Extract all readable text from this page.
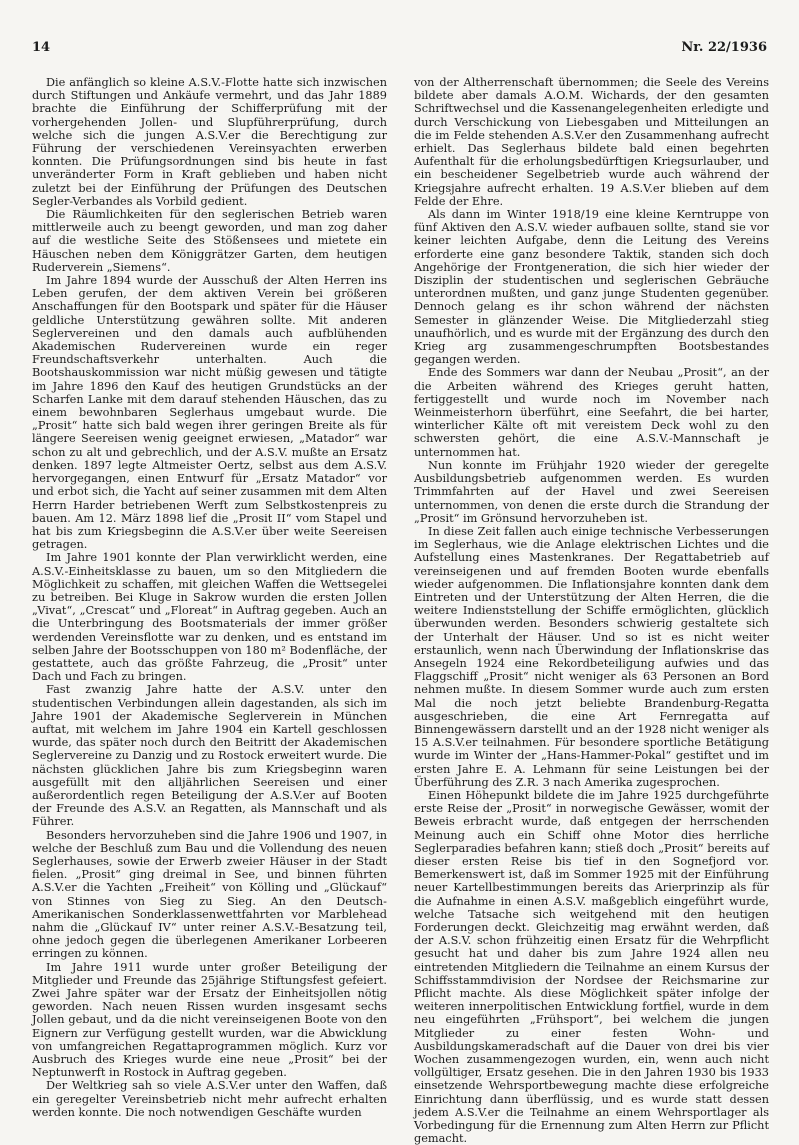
14	Nr. 22/1936

Die anfänglich so kleine A.S.V.-Flotte hatte sich inzwischen durch Stiftungen und Ankäufe vermehrt, und das Jahr 1889 brachte die Einführung der Schifferprüfung mit der vorhergehenden Jollen- und Slupführerprüfung, durch welche sich die jungen A.S.V.er die Berechtigung zur Führung der verschiedenen Vereinsyachten erwerben konnten. Die Prüfungsordnungen sind bis heute in fast unveränderter Form in Kraft geblieben und haben nicht zuletzt bei der Einführung der Prüfungen des Deutschen Segler-Verbandes als Vorbild gedient.

Die Räumlichkeiten für den seglerischen Betrieb waren mittlerweile auch zu beengt geworden, und man zog daher auf die westliche Seite des Stößensees und mietete ein Häuschen neben dem Königgrätzer Garten, dem heutigen Ruderverein „Siemens“.

Im Jahre 1894 wurde der Ausschuß der Alten Herren ins Leben gerufen, der dem aktiven Verein bei größeren Anschaffungen für den Bootspark und später für die Häuser geldliche Unterstützung gewähren sollte. Mit anderen Seglervereinen und den damals auch aufblühenden Akademischen Rudervereinen wurde ein reger Freundschaftsverkehr unterhalten. Auch die Bootshauskommission war nicht müßig gewesen und tätigte im Jahre 1896 den Kauf des heutigen Grundstücks an der Scharfen Lanke mit dem darauf stehenden Häuschen, das zu einem bewohnbaren Seglerhaus umgebaut wurde. Die „Prosit“ hatte sich bald wegen ihrer geringen Breite als für längere Seereisen wenig geeignet erwiesen, „Matador“ war schon zu alt und gebrechlich, und der A.S.V. mußte an Ersatz denken. 1897 legte Altmeister Oertz, selbst aus dem A.S.V. hervorgegangen, einen Entwurf für „Ersatz Matador“ vor und erbot sich, die Yacht auf seiner zusammen mit dem Alten Herrn Harder betriebenen Werft zum Selbstkostenpreis zu bauen. Am 12. März 1898 lief die „Prosit II“ vom Stapel und hat bis zum Kriegsbeginn die A.S.V.er über weite Seereisen getragen.

Im Jahre 1901 konnte der Plan verwirklicht werden, eine A.S.V.-Einheitsklasse zu bauen, um so den Mitgliedern die Möglichkeit zu schaffen, mit gleichen Waffen die Wettsegelei zu betreiben. Bei Kluge in Sakrow wurden die ersten Jollen „Vivat“, „Crescat“ und „Floreat“ in Auftrag gegeben. Auch an die Unterbringung des Bootsmaterials der immer größer werdenden Vereinsflotte war zu denken, und es entstand im selben Jahre der Bootsschuppen von 180 m² Bodenfläche, der gestattete, auch das größte Fahrzeug, die „Prosit“ unter Dach und Fach zu bringen.

Fast zwanzig Jahre hatte der A.S.V. unter den studentischen Verbindungen allein dagestanden, als sich im Jahre 1901 der Akademische Seglerverein in München auftat, mit welchem im Jahre 1904 ein Kartell geschlossen wurde, das später noch durch den Beitritt der Akademischen Seglervereine zu Danzig und zu Rostock erweitert wurde. Die nächsten glücklichen Jahre bis zum Kriegsbeginn waren ausgefüllt mit den alljährlichen Seereisen und einer außerordentlich regen Beteiligung der A.S.V.er auf Booten der Freunde des A.S.V. an Regatten, als Mannschaft und als Führer.

Besonders hervorzuheben sind die Jahre 1906 und 1907, in welche der Beschluß zum Bau und die Vollendung des neuen Seglerhauses, sowie der Erwerb zweier Häuser in der Stadt fielen. „Prosit“ ging dreimal in See, und binnen führten A.S.V.er die Yachten „Freiheit“ von Kölling und „Glückauf“ von Stinnes von Sieg zu Sieg. An den Deutsch-Amerikanischen Sonderklassenwettfahrten vor Marblehead nahm die „Glückauf IV“ unter reiner A.S.V.-Besatzung teil, ohne jedoch gegen die überlegenen Amerikaner Lorbeeren erringen zu können.

Im Jahre 1911 wurde unter großer Beteiligung der Mitglieder und Freunde das 25jährige Stiftungsfest gefeiert. Zwei Jahre später war der Ersatz der Einheitsjollen nötig geworden. Nach neuen Rissen wurden insgesamt sechs Jollen gebaut, und da die nicht vereinseigenen Boote von den Eignern zur Verfügung gestellt wurden, war die Abwicklung von umfangreichen Regattaprogrammen möglich. Kurz vor Ausbruch des Krieges wurde eine neue „Prosit“ bei der Neptunwerft in Rostock in Auftrag gegeben.

Der Weltkrieg sah so viele A.S.V.er unter den Waffen, daß ein geregelter Vereinsbetrieb nicht mehr aufrecht erhalten werden konnte. Die noch notwendigen Geschäfte wurden

von der Altherrenschaft übernommen; die Seele des Vereins bildete aber damals A.O.M. Wichards, der den gesamten Schriftwechsel und die Kassenangelegenheiten erledigte und durch Verschickung von Liebesgaben und Mitteilungen an die im Felde stehenden A.S.V.er den Zusammenhang aufrecht erhielt. Das Seglerhaus bildete bald einen begehrten Aufenthalt für die erholungsbedürftigen Kriegsurlauber, und ein bescheidener Segelbetrieb wurde auch während der Kriegsjahre aufrecht erhalten. 19 A.S.V.er blieben auf dem Felde der Ehre.

Als dann im Winter 1918/19 eine kleine Kerntruppe von fünf Aktiven den A.S.V. wieder aufbauen sollte, stand sie vor keiner leichten Aufgabe, denn die Leitung des Vereins erforderte eine ganz besondere Taktik, standen sich doch Angehörige der Frontgeneration, die sich hier wieder der Disziplin der studentischen und seglerischen Gebräuche unterordnen mußten, und ganz junge Studenten gegenüber. Dennoch gelang es ihr schon während der nächsten Semester in glänzender Weise. Die Mitgliederzahl stieg unaufhörlich, und es wurde mit der Ergänzung des durch den Krieg arg zusammengeschrumpften Bootsbestandes gegangen werden.

Ende des Sommers war dann der Neubau „Prosit“, an der die Arbeiten während des Krieges geruht hatten, fertiggestellt und wurde noch im November nach Weinmeisterhorn überführt, eine Seefahrt, die bei harter, winterlicher Kälte oft mit vereistem Deck wohl zu den schwersten gehört, die eine A.S.V.-Mannschaft je unternommen hat.

Nun konnte im Frühjahr 1920 wieder der geregelte Ausbildungsbetrieb aufgenommen werden. Es wurden Trimmfahrten auf der Havel und zwei Seereisen unternommen, von denen die erste durch die Strandung der „Prosit“ im Grönsund hervorzuheben ist.

In diese Zeit fallen auch einige technische Verbesserungen im Seglerhaus, wie die Anlage elektrischen Lichtes und die Aufstellung eines Mastenkranes. Der Regattabetrieb auf vereinseigenen und auf fremden Booten wurde ebenfalls wieder aufgenommen. Die Inflationsjahre konnten dank dem Eintreten und der Unterstützung der Alten Herren, die die weitere Indienststellung der Schiffe ermöglichten, glücklich überwunden werden. Besonders schwierig gestaltete sich der Unterhalt der Häuser. Und so ist es nicht weiter erstaunlich, wenn nach Überwindung der Inflationskrise das Ansegeln 1924 eine Rekordbeteiligung aufwies und das Flaggschiff „Prosit“ nicht weniger als 63 Personen an Bord nehmen mußte. In diesem Sommer wurde auch zum ersten Mal die noch jetzt beliebte Brandenburg-Regatta ausgeschrieben, die eine Art Fernregatta auf Binnengewässern darstellt und an der 1928 nicht weniger als 15 A.S.V.er teilnahmen. Für besondere sportliche Betätigung wurde im Winter der „Hans-Hammer-Pokal“ gestiftet und im ersten Jahre E. A. Lehmann für seine Leistungen bei der Überführung des Z.R. 3 nach Amerika zugesprochen.

Einen Höhepunkt bildete die im Jahre 1925 durchgeführte erste Reise der „Prosit“ in norwegische Gewässer, womit der Beweis erbracht wurde, daß entgegen der herrschenden Meinung auch ein Schiff ohne Motor dies herrliche Seglerparadies befahren kann; stieß doch „Prosit“ bereits auf dieser ersten Reise bis tief in den Sognefjord vor. Bemerkenswert ist, daß im Sommer 1925 mit der Einführung neuer Kartellbestimmungen bereits das Arierprinzip als für die Aufnahme in einen A.S.V. maßgeblich eingeführt wurde, welche Tatsache sich weitgehend mit den heutigen Forderungen deckt. Gleichzeitig mag erwähnt werden, daß der A.S.V. schon frühzeitig einen Ersatz für die Wehrpflicht gesucht hat und daher bis zum Jahre 1924 allen neu eintretenden Mitgliedern die Teilnahme an einem Kursus der Schiffsstammdivision der Nordsee der Reichsmarine zur Pflicht machte. Als diese Möglichkeit später infolge der weiteren innerpolitischen Entwicklung fortfiel, wurde in dem neu eingeführten „Frühsport“, bei welchem die jungen Mitglieder zu einer festen Wohn- und Ausbildungskameradschaft auf die Dauer von drei bis vier Wochen zusammengezogen wurden, ein, wenn auch nicht vollgültiger, Ersatz gesehen. Die in den Jahren 1930 bis 1933 einsetzende Wehrsportbewegung machte diese erfolgreiche Einrichtung dann überflüssig, und es wurde statt dessen jedem A.S.V.er die Teilnahme an einem Wehrsportlager als Vorbedingung für die Ernennung zum Alten Herrn zur Pflicht gemacht.
